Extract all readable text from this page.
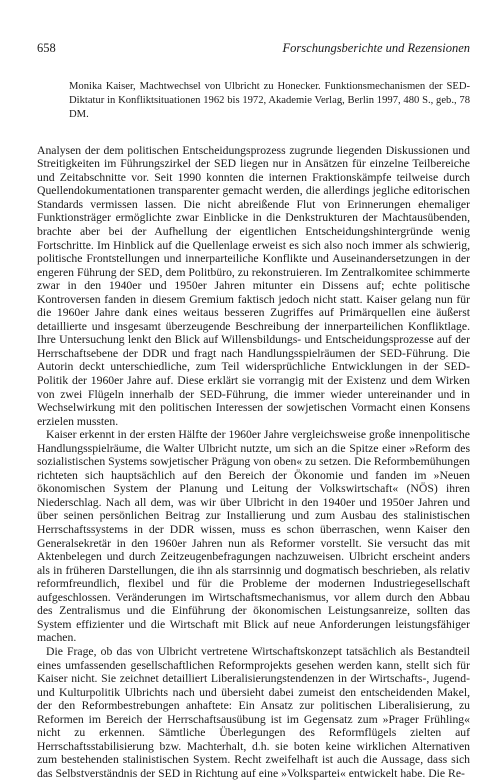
658	Forschungsberichte und Rezensionen

Monika Kaiser, Machtwechsel von Ulbricht zu Honecker. Funktionsmechanismen der SED-Diktatur in Konfliktsituationen 1962 bis 1972, Akademie Verlag, Berlin 1997, 480 S., geb., 78 DM.

Analysen der dem politischen Entscheidungsprozess zugrunde liegenden Diskussionen und Streitigkeiten im Führungszirkel der SED liegen nur in Ansätzen für einzelne Teilbereiche und Zeitabschnitte vor. Seit 1990 konnten die internen Fraktionskämpfe teilweise durch Quellendokumentationen transparenter gemacht werden, die allerdings jegliche editorischen Standards vermissen lassen. Die nicht abreißende Flut von Erinnerungen ehemaliger Funktionsträger ermöglichte zwar Einblicke in die Denkstrukturen der Machtausübenden, brachte aber bei der Aufhellung der eigentlichen Entscheidungshintergründe wenig Fortschritte. Im Hinblick auf die Quellenlage erweist es sich also noch immer als schwierig, politische Frontstellungen und innerparteiliche Konflikte und Auseinandersetzungen in der engeren Führung der SED, dem Politbüro, zu rekonstruieren. Im Zentralkomitee schimmerte zwar in den 1940er und 1950er Jahren mitunter ein Dissens auf; echte politische Kontroversen fanden in diesem Gremium faktisch jedoch nicht statt. Kaiser gelang nun für die 1960er Jahre dank eines weitaus besseren Zugriffes auf Primärquellen eine äußerst detaillierte und insgesamt überzeugende Beschreibung der innerparteilichen Konfliktlage. Ihre Untersuchung lenkt den Blick auf Willensbildungs- und Entscheidungsprozesse auf der Herrschaftsebene der DDR und fragt nach Handlungsspielräumen der SED-Führung. Die Autorin deckt unterschiedliche, zum Teil widersprüchliche Entwicklungen in der SED-Politik der 1960er Jahre auf. Diese erklärt sie vorrangig mit der Existenz und dem Wirken von zwei Flügeln innerhalb der SED-Führung, die immer wieder untereinander und in Wechselwirkung mit den politischen Interessen der sowjetischen Vormacht einen Konsens erzielen mussten.

Kaiser erkennt in der ersten Hälfte der 1960er Jahre vergleichsweise große innenpolitische Handlungsspielräume, die Walter Ulbricht nutzte, um sich an die Spitze einer »Reform des sozialistischen Systems sowjetischer Prägung von oben« zu setzen. Die Reformbemühungen richteten sich hauptsächlich auf den Bereich der Ökonomie und fanden im »Neuen ökonomischen System der Planung und Leitung der Volkswirtschaft« (NÖS) ihren Niederschlag. Nach all dem, was wir über Ulbricht in den 1940er und 1950er Jahren und über seinen persönlichen Beitrag zur Installierung und zum Ausbau des stalinistischen Herrschaftssystems in der DDR wissen, muss es schon überraschen, wenn Kaiser den Generalsekretär in den 1960er Jahren nun als Reformer vorstellt. Sie versucht das mit Aktenbelegen und durch Zeitzeugenbefragungen nachzuweisen. Ulbricht erscheint anders als in früheren Darstellungen, die ihn als starrsinnig und dogmatisch beschrieben, als relativ reformfreundlich, flexibel und für die Probleme der modernen Industriegesellschaft aufgeschlossen. Veränderungen im Wirtschaftsmechanismus, vor allem durch den Abbau des Zentralismus und die Einführung der ökonomischen Leistungsanreize, sollten das System effizienter und die Wirtschaft mit Blick auf neue Anforderungen leistungsfähiger machen.

Die Frage, ob das von Ulbricht vertretene Wirtschaftskonzept tatsächlich als Bestandteil eines umfassenden gesellschaftlichen Reformprojekts gesehen werden kann, stellt sich für Kaiser nicht. Sie zeichnet detailliert Liberalisierungstendenzen in der Wirtschafts-, Jugend- und Kulturpolitik Ulbrichts nach und übersieht dabei zumeist den entscheidenden Makel, der den Reformbestrebungen anhaftete: Ein Ansatz zur politischen Liberalisierung, zu Reformen im Bereich der Herrschaftsausübung ist im Gegensatz zum »Prager Frühling« nicht zu erkennen. Sämtliche Überlegungen des Reformflügels zielten auf Herrschaftsstabilisierung bzw. Machterhalt, d.h. sie boten keine wirklichen Alternativen zum bestehenden stalinistischen System. Recht zweifelhaft ist auch die Aussage, dass sich das Selbstverständnis der SED in Richtung auf eine »Volkspartei« entwickelt habe. Die Re-
